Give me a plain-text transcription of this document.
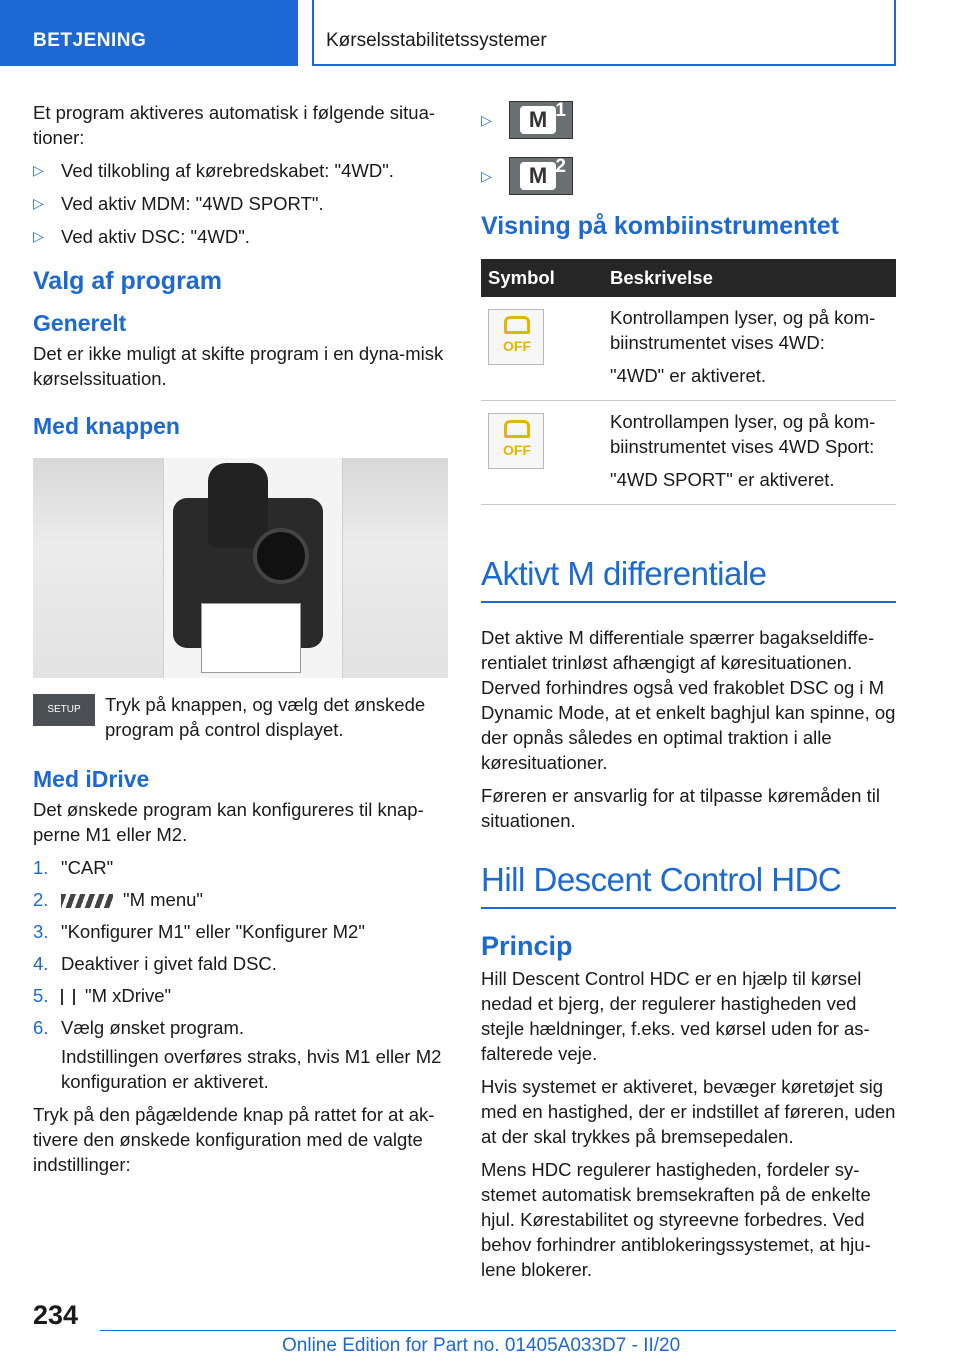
BETJENING	Kørselsstabilitetssystemer

Et program aktiveres automatisk i følgende situa-tioner:

▷ Ved tilkobling af kørebredskabet: "4WD".
▷ Ved aktiv MDM: "4WD SPORT".
▷ Ved aktiv DSC: "4WD".
Valg af program
Generelt

Det er ikke muligt at skifte program i en dyna-misk kørselssituation.

Med knappen
SETUP	Tryk på knappen, og vælg det ønskede program på control displayet.

Med iDrive

Det ønskede program kan konfigureres til knap-perne M1 eller M2.

1. "CAR"
2.	"M menu"
3. "Konfigurer M1" eller "Konfigurer M2"
4. Deaktiver i givet fald DSC.
5. "M xDrive"
6. Vælg ønsket program.
Indstillingen overføres straks, hvis M1 eller M2 konfiguration er aktiveret.

Tryk på den pågældende knap på rattet for at ak-tivere den ønskede konfiguration med de valgte indstillinger:

▷	M 1
▷	M 2
Visning på kombiinstrumentet
Symbol	Beskrivelse

OFF	Kontrollampen lyser, og på kom-biinstrumentet vises 4WD:

"4WD" er aktiveret.

OFF	Kontrollampen lyser, og på kom-biinstrumentet vises 4WD Sport:

"4WD SPORT" er aktiveret.

Aktivt M differentiale

Det aktive M differentiale spærrer bagakseldiffe-rentialet trinløst afhængigt af køresituationen. Derved forhindres også ved frakoblet DSC og i M Dynamic Mode, at et enkelt baghjul kan spinne, og der opnås således en optimal traktion i alle køresituationer.

Føreren er ansvarlig for at tilpasse køremåden til situationen.

Hill Descent Control HDC
Princip

Hill Descent Control HDC er en hjælp til kørsel nedad et bjerg, der regulerer hastigheden ved stejle hældninger, f.eks. ved kørsel uden for as-falterede veje.

Hvis systemet er aktiveret, bevæger køretøjet sig med en hastighed, der er indstillet af føreren, uden at der skal trykkes på bremsepedalen.

Mens HDC regulerer hastigheden, fordeler sy-stemet automatisk bremsekraften på de enkelte hjul. Kørestabilitet og styreevne forbedres. Ved behov forhindrer antiblokeringssystemet, at hju-lene blokerer.

234
Online Edition for Part no. 01405A033D7 - II/20
